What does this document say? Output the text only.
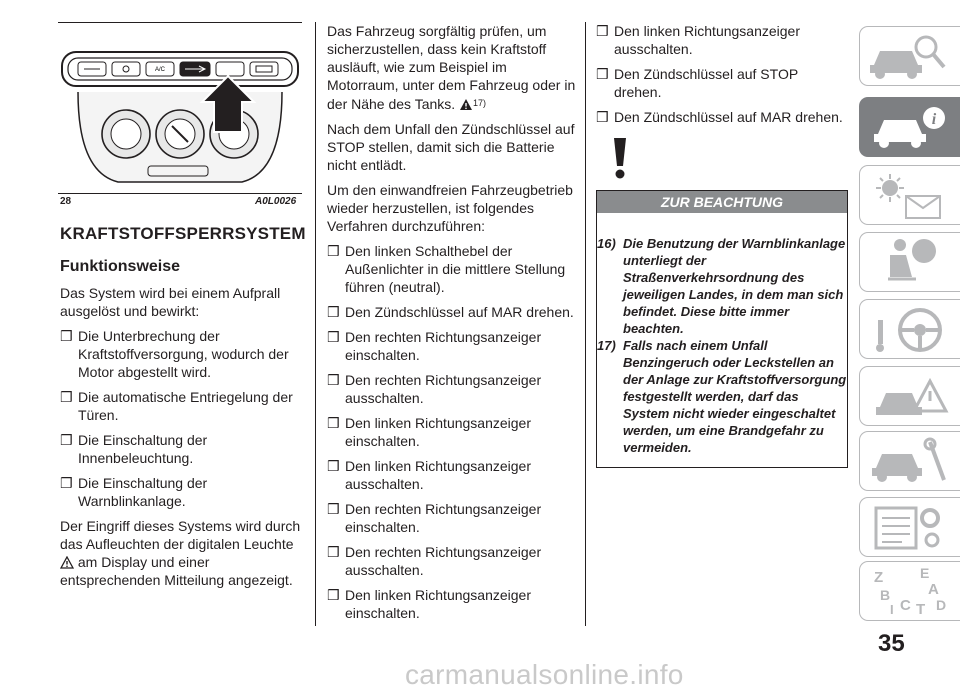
A/C
28	A0L0026
KRAFTSTOFFSPERRSYSTEM
Funktionsweise

Das System wird bei einem Aufprall ausgelöst und bewirkt:

❒ Die Unterbrechung der Kraftstoffversorgung, wodurch der Motor abgestellt wird.
❒ Die automatische Entriegelung der Türen.
❒ Die Einschaltung der Innenbeleuchtung.
❒ Die Einschaltung der Warnblinkanlage.

Der Eingriff dieses Systems wird durch das Aufleuchten der digitalen Leuchte  am Display und einer entsprechenden Mitteilung angezeigt.

Das Fahrzeug sorgfältig prüfen, um sicherzustellen, dass kein Kraftstoff ausläuft, wie zum Beispiel im Motorraum, unter dem Fahrzeug oder in der Nähe des Tanks. $^{17)}$

Nach dem Unfall den Zündschlüssel auf STOP stellen, damit sich die Batterie nicht entlädt.

Um den einwandfreien Fahrzeugbetrieb wieder herzustellen, ist folgendes Verfahren durchzuführen:

❒ Den linken Schalthebel der Außenlichter in die mittlere Stellung führen (neutral).
❒ Den Zündschlüssel auf MAR drehen.
❒ Den rechten Richtungsanzeiger einschalten.
❒ Den rechten Richtungsanzeiger ausschalten.
❒ Den linken Richtungsanzeiger einschalten.
❒ Den linken Richtungsanzeiger ausschalten.
❒ Den rechten Richtungsanzeiger einschalten.
❒ Den rechten Richtungsanzeiger ausschalten.
❒ Den linken Richtungsanzeiger einschalten.
❒ Den linken Richtungsanzeiger ausschalten.
❒ Den Zündschlüssel auf STOP drehen.
❒ Den Zündschlüssel auf MAR drehen.
ZUR BEACHTUNG
16) Die Benutzung der Warnblinkanlage unterliegt der Straßenverkehrsordnung des jeweiligen Landes, in dem man sich befindet. Diese bitte immer beachten.
17) Falls nach einem Unfall Benzingeruch oder Leckstellen an der Anlage zur Kraftstoffversorgung festgestellt werden, darf das System nicht wieder eingeschaltet werden, um eine Brandgefahr zu vermeiden.
i
Z	E
A
B
C T D
I
35
carmanualsonline.info
